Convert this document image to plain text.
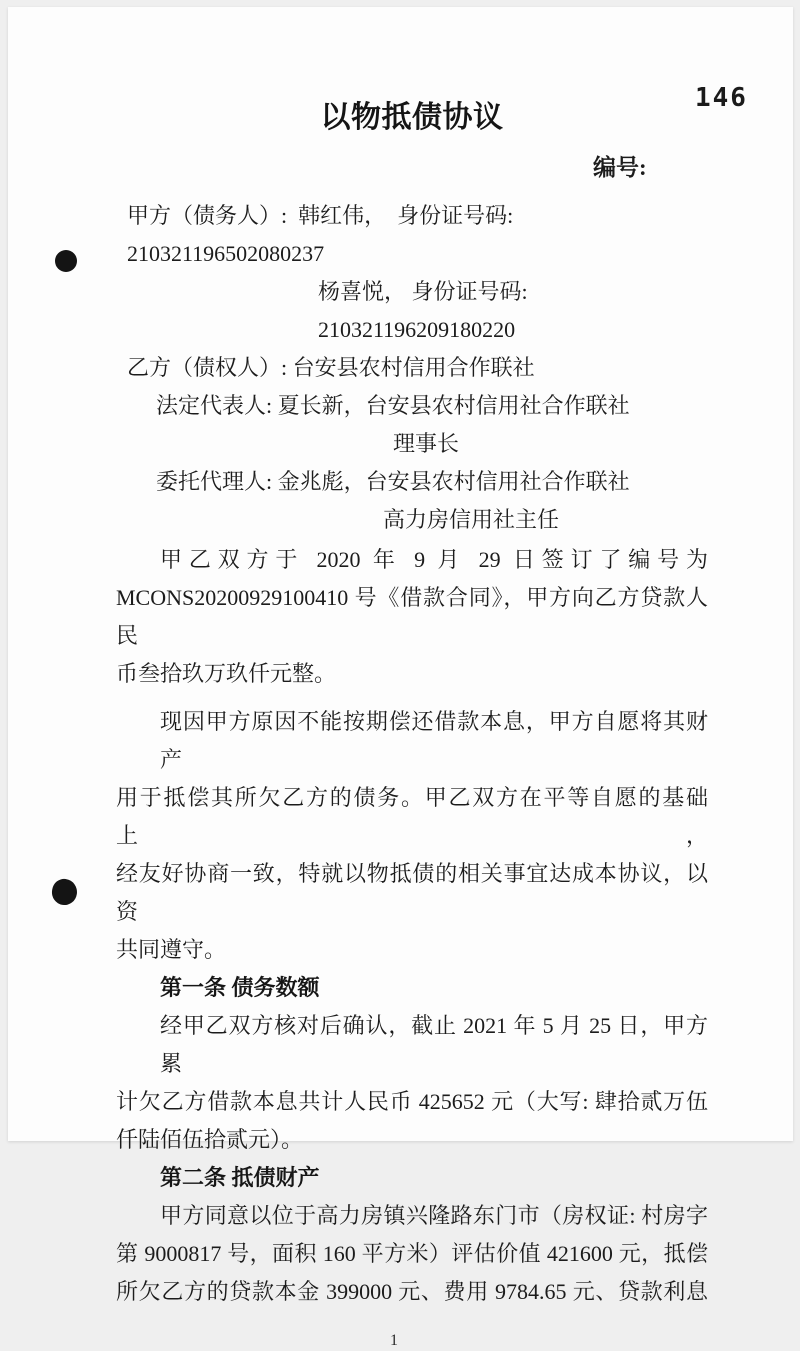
146
以物抵债协议
编号:
甲方（债务人）:  韩红伟，  身份证号码: 210321196502080237
杨喜悦， 身份证号码: 210321196209180220
乙方（债权人）: 台安县农村信用合作联社
法定代表人: 夏长新，台安县农村信用社合作联社
理事长
委托代理人: 金兆彪，台安县农村信用社合作联社
高力房信用社主任
甲乙双方于 2020 年 9 月 29 日签订了编号为
MCONS20200929100410 号《借款合同》，甲方向乙方贷款人民
币叁拾玖万玖仟元整。
现因甲方原因不能按期偿还借款本息，甲方自愿将其财产
用于抵偿其所欠乙方的债务。甲乙双方在平等自愿的基础上，
经友好协商一致，特就以物抵债的相关事宜达成本协议，以资
共同遵守。
第一条 债务数额
经甲乙双方核对后确认，截止 2021 年 5 月 25 日，甲方累
计欠乙方借款本息共计人民币 425652 元（大写: 肆拾贰万伍
仟陆佰伍拾贰元）。
第二条 抵债财产
甲方同意以位于高力房镇兴隆路东门市（房权证: 村房字
第 9000817 号，面积 160 平方米）评估价值 421600 元，抵偿
所欠乙方的贷款本金 399000 元、费用 9784.65 元、贷款利息
1
